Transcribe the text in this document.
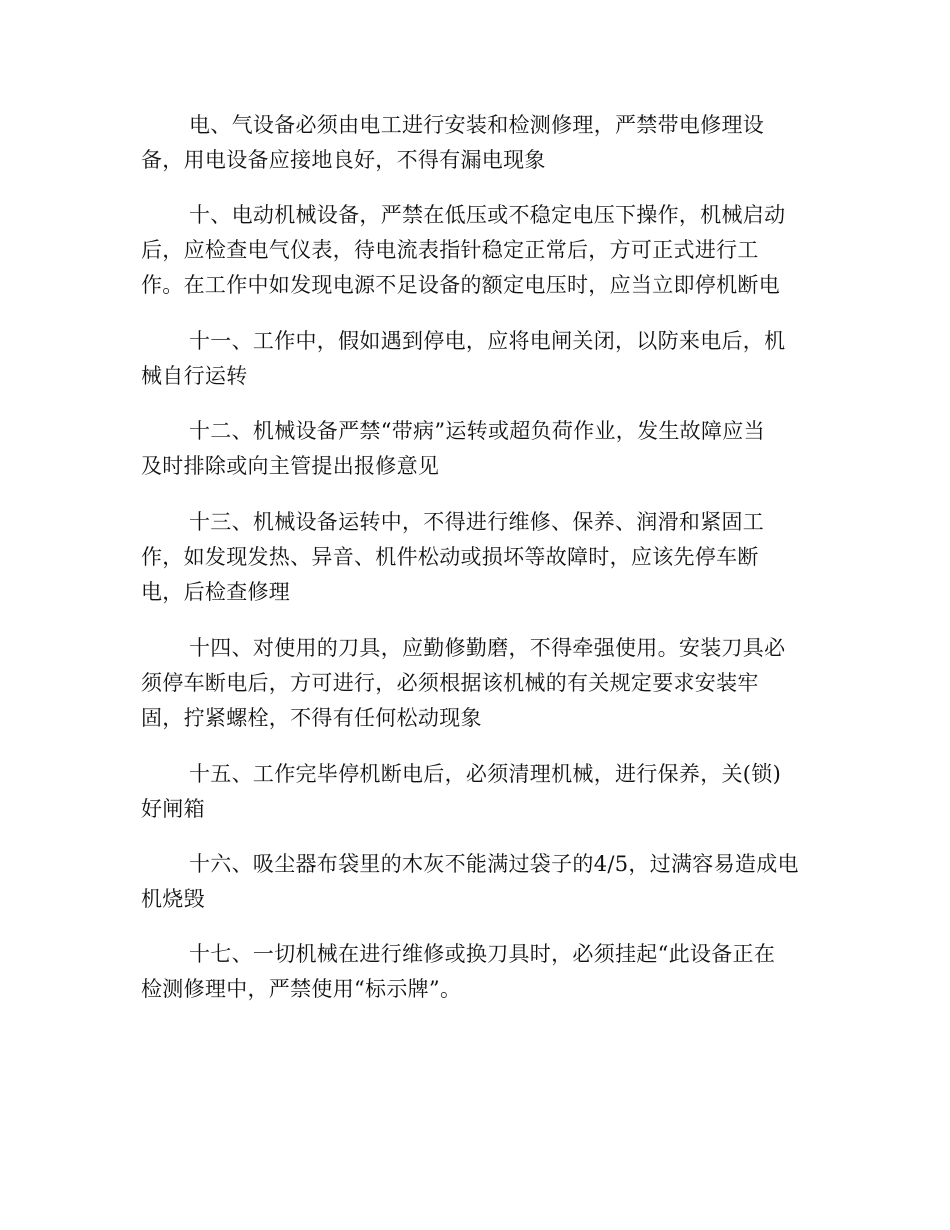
电、气设备必须由电工进行安装和检测修理，严禁带电修理设
备，用电设备应接地良好，不得有漏电现象

十、电动机械设备，严禁在低压或不稳定电压下操作，机械启动
后，应检查电气仪表，待电流表指针稳定正常后，方可正式进行工
作。在工作中如发现电源不足设备的额定电压时，应当立即停机断电

十一、工作中，假如遇到停电，应将电闸关闭，以防来电后，机
械自行运转

十二、机械设备严禁“带病”运转或超负荷作业，发生故障应当
及时排除或向主管提出报修意见

十三、机械设备运转中，不得进行维修、保养、润滑和紧固工
作，如发现发热、异音、机件松动或损坏等故障时，应该先停车断
电，后检查修理

十四、对使用的刀具，应勤修勤磨，不得牵强使用。安装刀具必
须停车断电后，方可进行，必须根据该机械的有关规定要求安装牢
固，拧紧螺栓，不得有任何松动现象

十五、工作完毕停机断电后，必须清理机械，进行保养，关(锁)
好闸箱

十六、吸尘器布袋里的木灰不能满过袋子的4/5，过满容易造成电
机烧毁

十七、一切机械在进行维修或换刀具时，必须挂起“此设备正在
检测修理中，严禁使用“标示牌”。
